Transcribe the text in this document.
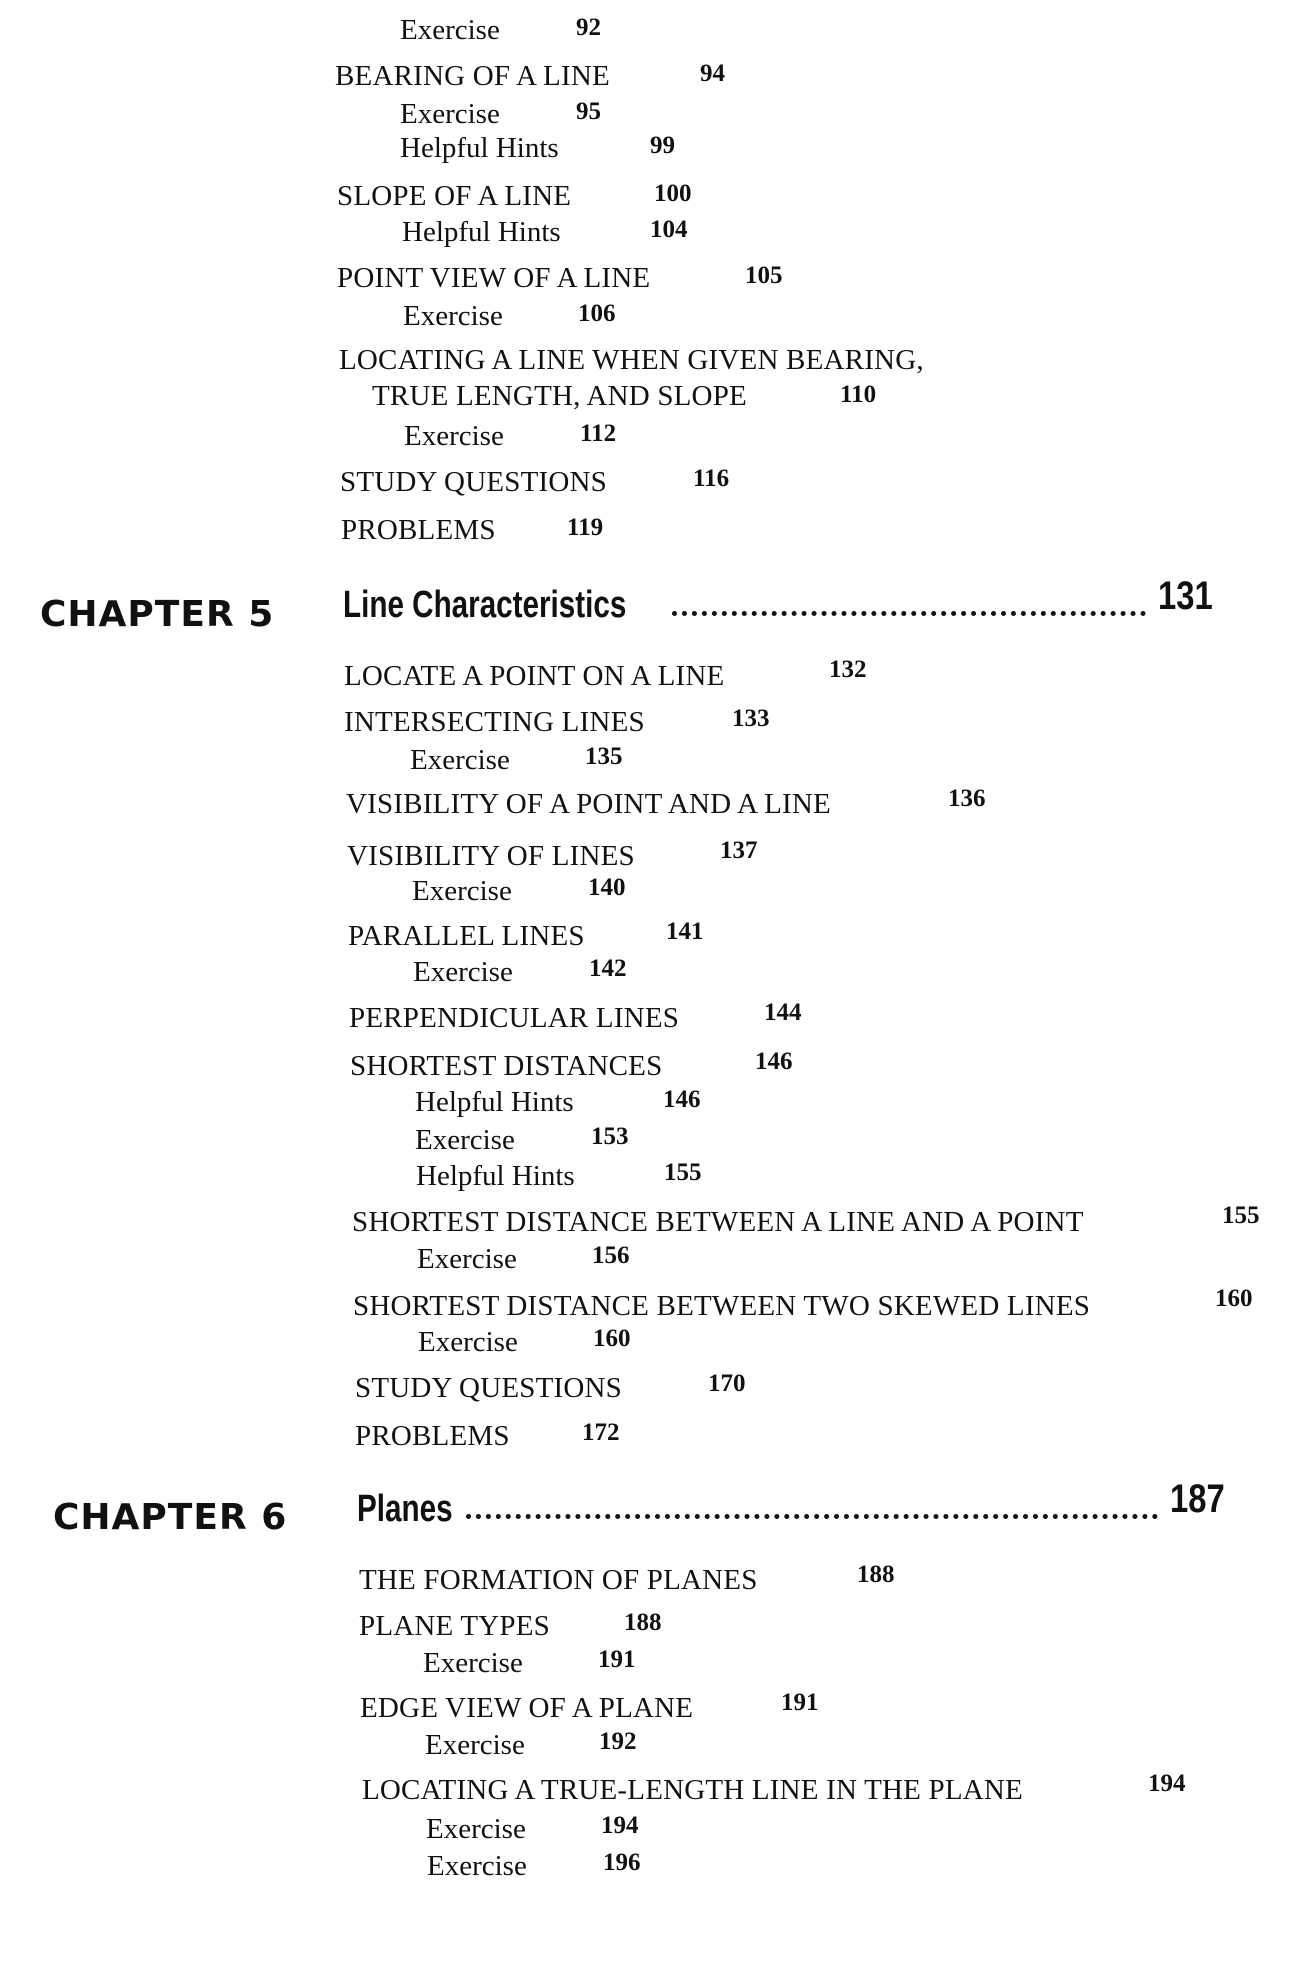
Exercise	92
BEARING OF A LINE	94
Exercise	95
Helpful Hints	99
SLOPE OF A LINE	100
Helpful Hints	104
POINT VIEW OF A LINE	105
Exercise	106
LOCATING A LINE WHEN GIVEN BEARING,
TRUE LENGTH, AND SLOPE	110
Exercise	112
STUDY QUESTIONS	116
PROBLEMS	119
CHAPTER 5 Line Characteristics	131
LOCATE A POINT ON A LINE	132
INTERSECTING LINES	133
Exercise	135
VISIBILITY OF A POINT AND A LINE	136
VISIBILITY OF LINES	137
Exercise	140
PARALLEL LINES	141
Exercise	142
PERPENDICULAR LINES	144
SHORTEST DISTANCES	146
Helpful Hints	146
Exercise	153
Helpful Hints	155
SHORTEST DISTANCE BETWEEN A LINE AND A POINT	155
Exercise	156
SHORTEST DISTANCE BETWEEN TWO SKEWED LINES	160
Exercise	160
STUDY QUESTIONS	170
PROBLEMS	172
CHAPTER 6 Planes	187
THE FORMATION OF PLANES	188
PLANE TYPES	188
Exercise	191
EDGE VIEW OF A PLANE	191
Exercise	192
LOCATING A TRUE-LENGTH LINE IN THE PLANE	194
Exercise	194
Exercise	196
